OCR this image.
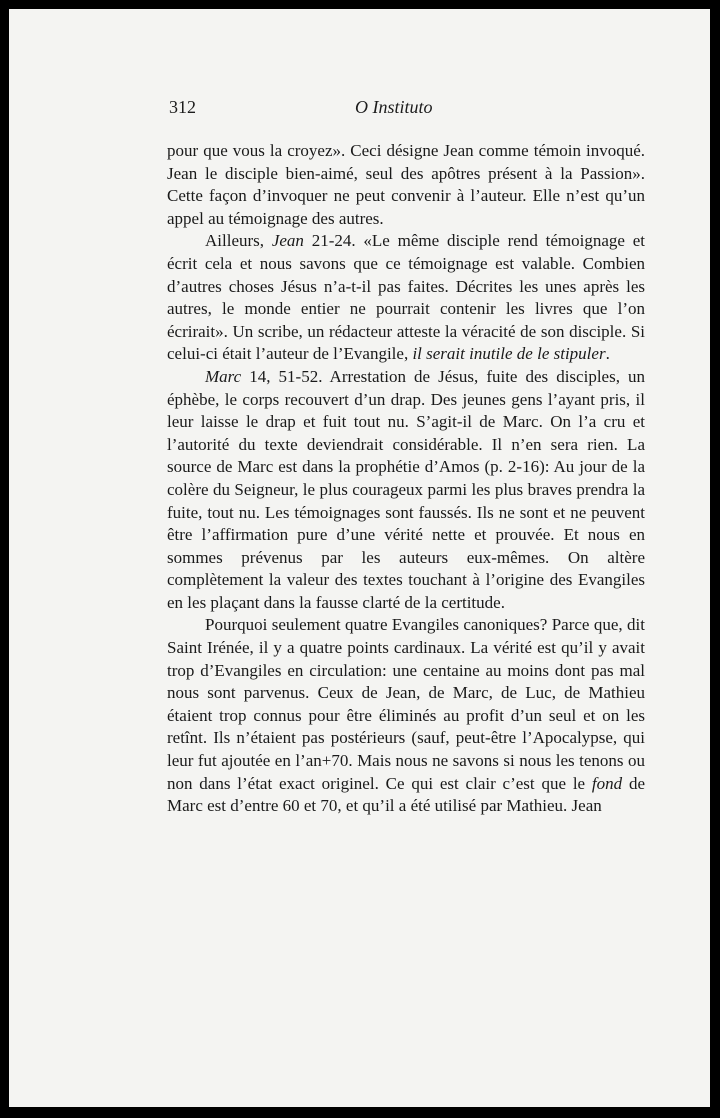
312	O Instituto

pour que vous la croyez». Ceci désigne Jean comme témoin invoqué. Jean le disciple bien-aimé, seul des apôtres présent à la Passion». Cette façon d’invoquer ne peut convenir à l’auteur. Elle n’est qu’un appel au témoignage des autres.

Ailleurs, Jean 21-24. «Le même disciple rend témoignage et écrit cela et nous savons que ce témoignage est valable. Combien d’autres choses Jésus n’a-t-il pas faites. Décrites les unes après les autres, le monde entier ne pourrait contenir les livres que l’on écrirait». Un scribe, un rédacteur atteste la véracité de son disciple. Si celui-ci était l’auteur de l’Evangile, il serait inutile de le stipuler.

Marc 14, 51-52. Arrestation de Jésus, fuite des disciples, un éphèbe, le corps recouvert d’un drap. Des jeunes gens l’ayant pris, il leur laisse le drap et fuit tout nu. S’agit-il de Marc. On l’a cru et l’autorité du texte deviendrait considérable. Il n’en sera rien. La source de Marc est dans la prophétie d’Amos (p. 2-16): Au jour de la colère du Seigneur, le plus courageux parmi les plus braves prendra la fuite, tout nu. Les témoignages sont faussés. Ils ne sont et ne peuvent être l’affirmation pure d’une vérité nette et prouvée. Et nous en sommes prévenus par les auteurs eux-mêmes. On altère complètement la valeur des textes touchant à l’origine des Evangiles en les plaçant dans la fausse clarté de la certitude.

Pourquoi seulement quatre Evangiles canoniques? Parce que, dit Saint Irénée, il y a quatre points cardinaux. La vérité est qu’il y avait trop d’Evangiles en circulation: une centaine au moins dont pas mal nous sont parvenus. Ceux de Jean, de Marc, de Luc, de Mathieu étaient trop connus pour être éliminés au profit d’un seul et on les retînt. Ils n’étaient pas postérieurs (sauf, peut-être l’Apocalypse, qui leur fut ajoutée en l’an+70. Mais nous ne savons si nous les tenons ou non dans l’état exact originel. Ce qui est clair c’est que le fond de Marc est d’entre 60 et 70, et qu’il a été utilisé par Mathieu. Jean
